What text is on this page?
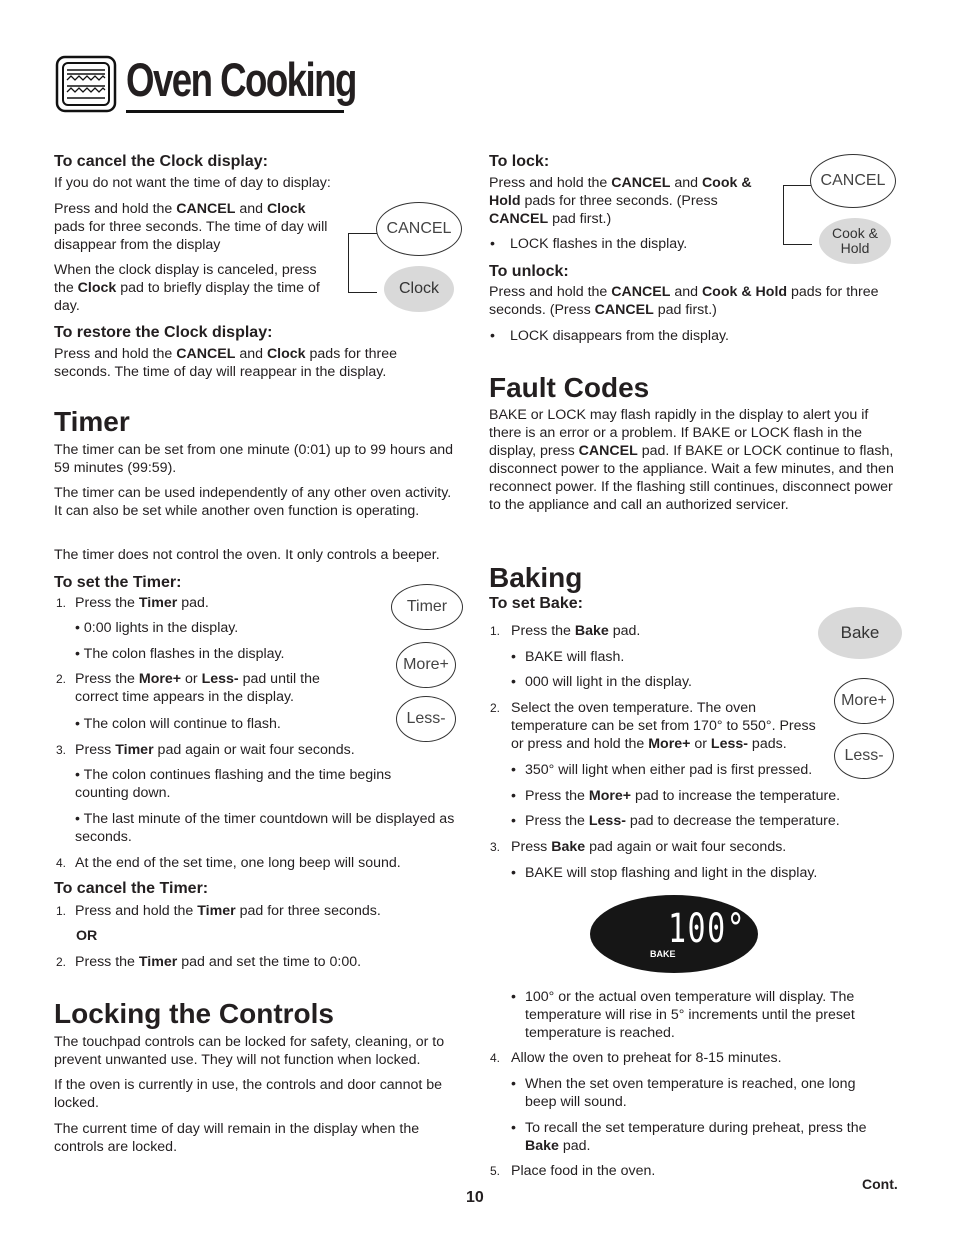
Oven Cooking
To cancel the Clock display:

If you do not want the time of day to display:

Press and hold the CANCEL and Clock pads for three seconds. The time of day will disappear from the display

When the clock display is canceled, press the Clock pad to briefly display the time of day.

CANCEL
Clock
To restore the Clock display:

Press and hold the CANCEL and Clock pads for three seconds. The time of day will reappear in the display.

Timer

The timer can be set from one minute (0:01) up to 99 hours and 59 minutes (99:59).

The timer can be used independently of any other oven activity. It can also be set while another oven function is operating.

The timer does not control the oven. It only controls a beeper.

To set the Timer:
1. Press the Timer pad.
• 0:00 lights in the display.
• The colon flashes in the display.
2. Press the More+ or Less- pad until the correct time appears in the display.
• The colon will continue to flash.
3. Press Timer pad again or wait four seconds.
• The colon continues flashing and the time begins counting down.
• The last minute of the timer countdown will be displayed as seconds.
4. At the end of the set time, one long beep will sound.
Timer
More+
Less-
To cancel the Timer:
1. Press and hold the Timer pad for three seconds.
OR
2. Press the Timer pad and set the time to 0:00.
Locking the Controls

The touchpad controls can be locked for safety, cleaning, or to prevent unwanted use. They will not function when locked.

If the oven is currently in use, the controls and door cannot be locked.

The current time of day will remain in the display when the controls are locked.

To lock:

Press and hold the CANCEL and Cook & Hold pads for three seconds. (Press CANCEL pad first.)

• LOCK flashes in the display.
CANCEL
Cook &
Hold
To unlock:

Press and hold the CANCEL and Cook & Hold pads for three seconds. (Press CANCEL pad first.)

• LOCK disappears from the display.
Fault Codes

BAKE or LOCK may flash rapidly in the display to alert you if there is an error or a problem. If BAKE or LOCK flash in the display, press CANCEL pad. If BAKE or LOCK continue to flash, disconnect power to the appliance. Wait a few minutes, and then reconnect power. If the flashing still continues, disconnect power to the appliance and call an authorized servicer.

Baking
To set Bake:
1. Press the Bake pad.
• BAKE will flash.
• 000 will light in the display.
2. Select the oven temperature. The oven temperature can be set from 170° to 550°. Press or press and hold the More+ or Less- pads.
• 350° will light when either pad is first pressed.
• Press the More+ pad to increase the temperature.
• Press the Less- pad to decrease the temperature.
3. Press Bake pad again or wait four seconds.
• BAKE will stop flashing and light in the display.
Bake
More+
Less-
100°
BAKE
• 100° or the actual oven temperature will display. The temperature will rise in 5° increments until the preset temperature is reached.
4. Allow the oven to preheat for 8-15 minutes.
• When the set oven temperature is reached, one long beep will sound.
• To recall the set temperature during preheat, press the Bake pad.
5. Place food in the oven.
10
Cont.
